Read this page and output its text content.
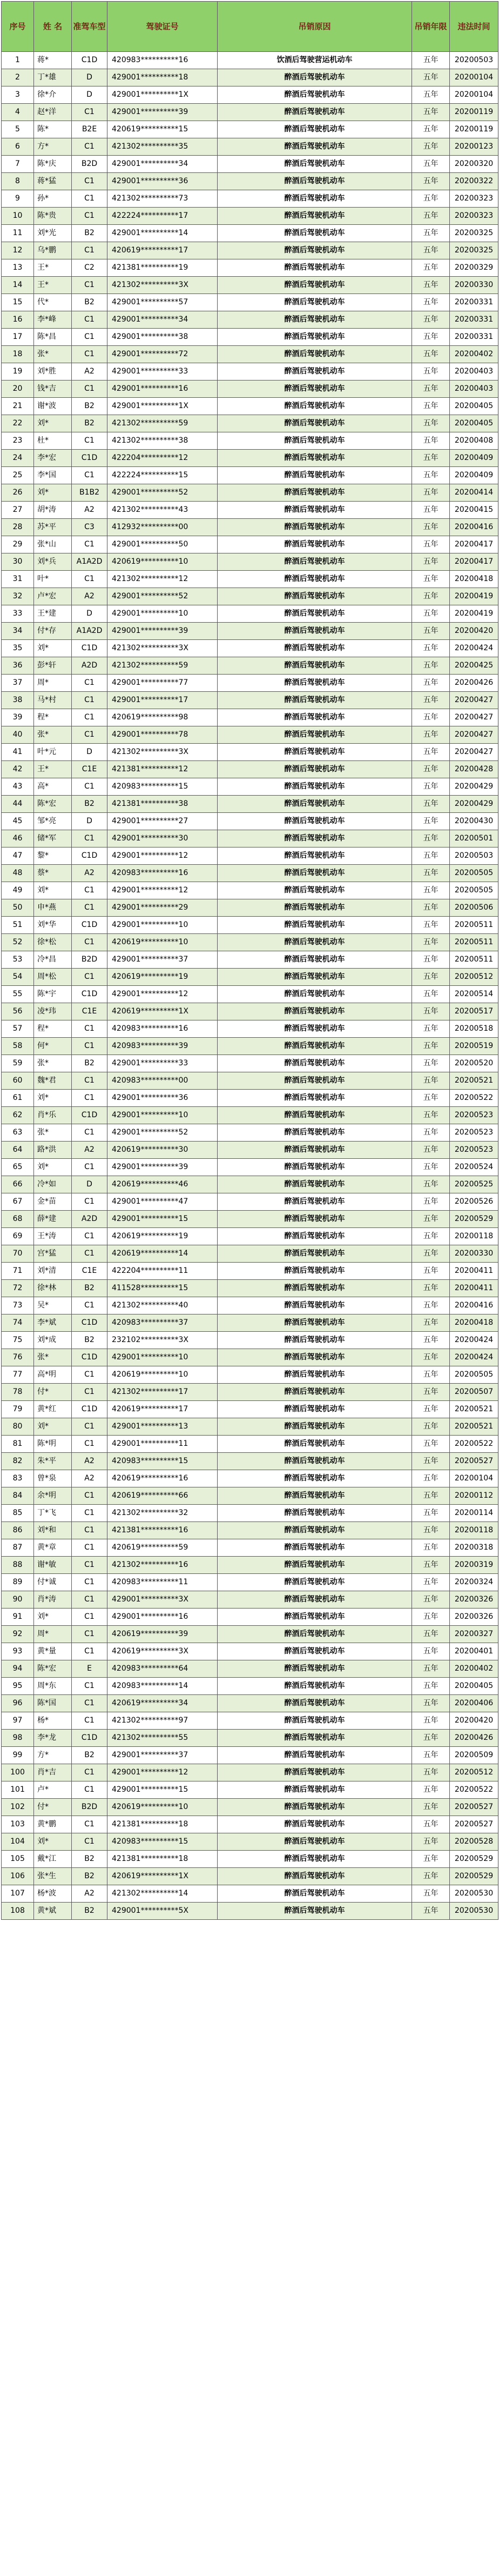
序号	姓 名	准驾车型	驾驶证号	吊销原因	吊销年限	违法时间
1	蒋*	C1D	420983**********16	饮酒后驾驶营运机动车	五年	20200503
2	丁*雄	D	429001**********18	醉酒后驾驶机动车	五年	20200104
3	徐*介	D	429001**********1X	醉酒后驾驶机动车	五年	20200104
4	赵*洋	C1	429001**********39	醉酒后驾驶机动车	五年	20200119
5	陈*	B2E	420619**********15	醉酒后驾驶机动车	五年	20200119
6	方*	C1	421302**********35	醉酒后驾驶机动车	五年	20200123
7	陈*庆	B2D	429001**********34	醉酒后驾驶机动车	五年	20200320
8	蒋*猛	C1	429001**********36	醉酒后驾驶机动车	五年	20200322
9	孙*	C1	421302**********73	醉酒后驾驶机动车	五年	20200323
10	陈*贵	C1	422224**********17	醉酒后驾驶机动车	五年	20200323
11	刘*光	B2	429001**********14	醉酒后驾驶机动车	五年	20200325
12	乌*鹏	C1	420619**********17	醉酒后驾驶机动车	五年	20200325
13	王*	C2	421381**********19	醉酒后驾驶机动车	五年	20200329
14	王*	C1	421302**********3X	醉酒后驾驶机动车	五年	20200330
15	代*	B2	429001**********57	醉酒后驾驶机动车	五年	20200331
16	李*峰	C1	429001**********34	醉酒后驾驶机动车	五年	20200331
17	陈*昌	C1	429001**********38	醉酒后驾驶机动车	五年	20200331
18	张*	C1	429001**********72	醉酒后驾驶机动车	五年	20200402
19	刘*胜	A2	429001**********33	醉酒后驾驶机动车	五年	20200403
20	钱*吉	C1	429001**********16	醉酒后驾驶机动车	五年	20200403
21	谢*波	B2	429001**********1X	醉酒后驾驶机动车	五年	20200405
22	刘*	B2	421302**********59	醉酒后驾驶机动车	五年	20200405
23	杜*	C1	421302**********38	醉酒后驾驶机动车	五年	20200408
24	李*宏	C1D	422204**********12	醉酒后驾驶机动车	五年	20200409
25	李*国	C1	422224**********15	醉酒后驾驶机动车	五年	20200409
26	刘*	B1B2	429001**********52	醉酒后驾驶机动车	五年	20200414
27	胡*涛	A2	421302**********43	醉酒后驾驶机动车	五年	20200415
28	苏*平	C3	412932**********00	醉酒后驾驶机动车	五年	20200416
29	张*山	C1	429001**********50	醉酒后驾驶机动车	五年	20200417
30	刘*兵	A1A2D	420619**********10	醉酒后驾驶机动车	五年	20200417
31	叶*	C1	421302**********12	醉酒后驾驶机动车	五年	20200418
32	卢*宏	A2	429001**********52	醉酒后驾驶机动车	五年	20200419
33	王*建	D	429001**********10	醉酒后驾驶机动车	五年	20200419
34	付*存	A1A2D	429001**********39	醉酒后驾驶机动车	五年	20200420
35	刘*	C1D	421302**********3X	醉酒后驾驶机动车	五年	20200424
36	彭*轩	A2D	421302**********59	醉酒后驾驶机动车	五年	20200425
37	周*	C1	429001**********77	醉酒后驾驶机动车	五年	20200426
38	马*村	C1	429001**********17	醉酒后驾驶机动车	五年	20200427
39	程*	C1	420619**********98	醉酒后驾驶机动车	五年	20200427
40	张*	C1	429001**********78	醉酒后驾驶机动车	五年	20200427
41	叶*元	D	421302**********3X	醉酒后驾驶机动车	五年	20200427
42	王*	C1E	421381**********12	醉酒后驾驶机动车	五年	20200428
43	高*	C1	420983**********15	醉酒后驾驶机动车	五年	20200429
44	陈*宏	B2	421381**********38	醉酒后驾驶机动车	五年	20200429
45	邹*亮	D	429001**********27	醉酒后驾驶机动车	五年	20200430
46	储*军	C1	429001**********30	醉酒后驾驶机动车	五年	20200501
47	黎*	C1D	429001**********12	醉酒后驾驶机动车	五年	20200503
48	蔡*	A2	420983**********16	醉酒后驾驶机动车	五年	20200505
49	刘*	C1	429001**********12	醉酒后驾驶机动车	五年	20200505
50	申*燕	C1	429001**********29	醉酒后驾驶机动车	五年	20200506
51	刘*华	C1D	429001**********10	醉酒后驾驶机动车	五年	20200511
52	徐*松	C1	420619**********10	醉酒后驾驶机动车	五年	20200511
53	冷*昌	B2D	429001**********37	醉酒后驾驶机动车	五年	20200511
54	周*松	C1	420619**********19	醉酒后驾驶机动车	五年	20200512
55	陈*宇	C1D	429001**********12	醉酒后驾驶机动车	五年	20200514
56	凌*玮	C1E	420619**********1X	醉酒后驾驶机动车	五年	20200517
57	程*	C1	420983**********16	醉酒后驾驶机动车	五年	20200518
58	何*	C1	420983**********39	醉酒后驾驶机动车	五年	20200519
59	张*	B2	429001**********33	醉酒后驾驶机动车	五年	20200520
60	魏*君	C1	420983**********00	醉酒后驾驶机动车	五年	20200521
61	刘*	C1	429001**********36	醉酒后驾驶机动车	五年	20200522
62	肖*乐	C1D	429001**********10	醉酒后驾驶机动车	五年	20200523
63	张*	C1	429001**********52	醉酒后驾驶机动车	五年	20200523
64	路*洪	A2	420619**********30	醉酒后驾驶机动车	五年	20200523
65	刘*	C1	429001**********39	醉酒后驾驶机动车	五年	20200524
66	冷*如	D	420619**********46	醉酒后驾驶机动车	五年	20200525
67	金*苗	C1	429001**********47	醉酒后驾驶机动车	五年	20200526
68	薛*建	A2D	429001**********15	醉酒后驾驶机动车	五年	20200529
69	王*涛	C1	420619**********19	醉酒后驾驶机动车	五年	20200118
70	宫*猛	C1	420619**********14	醉酒后驾驶机动车	五年	20200330
71	刘*清	C1E	422204**********11	醉酒后驾驶机动车	五年	20200411
72	徐*林	B2	411528**********15	醉酒后驾驶机动车	五年	20200411
73	吴*	C1	421302**********40	醉酒后驾驶机动车	五年	20200416
74	李*斌	C1D	420983**********37	醉酒后驾驶机动车	五年	20200418
75	刘*成	B2	232102**********3X	醉酒后驾驶机动车	五年	20200424
76	张*	C1D	429001**********10	醉酒后驾驶机动车	五年	20200424
77	高*明	C1	420619**********10	醉酒后驾驶机动车	五年	20200505
78	付*	C1	421302**********17	醉酒后驾驶机动车	五年	20200507
79	黄*红	C1D	420619**********17	醉酒后驾驶机动车	五年	20200521
80	刘*	C1	429001**********13	醉酒后驾驶机动车	五年	20200521
81	陈*明	C1	429001**********11	醉酒后驾驶机动车	五年	20200522
82	朱*平	A2	420983**********15	醉酒后驾驶机动车	五年	20200527
83	曾*泉	A2	420619**********16	醉酒后驾驶机动车	五年	20200104
84	余*明	C1	420619**********66	醉酒后驾驶机动车	五年	20200112
85	丁*飞	C1	421302**********32	醉酒后驾驶机动车	五年	20200114
86	刘*和	C1	421381**********16	醉酒后驾驶机动车	五年	20200118
87	黄*章	C1	420619**********59	醉酒后驾驶机动车	五年	20200318
88	谢*敏	C1	421302**********16	醉酒后驾驶机动车	五年	20200319
89	付*诚	C1	420983**********11	醉酒后驾驶机动车	五年	20200324
90	肖*涛	C1	429001**********3X	醉酒后驾驶机动车	五年	20200326
91	刘*	C1	429001**********16	醉酒后驾驶机动车	五年	20200326
92	周*	C1	420619**********39	醉酒后驾驶机动车	五年	20200327
93	黄*量	C1	420619**********3X	醉酒后驾驶机动车	五年	20200401
94	陈*宏	E	420983**********64	醉酒后驾驶机动车	五年	20200402
95	周*东	C1	420983**********14	醉酒后驾驶机动车	五年	20200405
96	陈*国	C1	420619**********34	醉酒后驾驶机动车	五年	20200406
97	杨*	C1	421302**********97	醉酒后驾驶机动车	五年	20200420
98	李*龙	C1D	421302**********55	醉酒后驾驶机动车	五年	20200426
99	方*	B2	429001**********37	醉酒后驾驶机动车	五年	20200509
100	肖*吉	C1	429001**********12	醉酒后驾驶机动车	五年	20200512
101	卢*	C1	429001**********15	醉酒后驾驶机动车	五年	20200522
102	付*	B2D	420619**********10	醉酒后驾驶机动车	五年	20200527
103	黄*鹏	C1	421381**********18	醉酒后驾驶机动车	五年	20200527
104	刘*	C1	420983**********15	醉酒后驾驶机动车	五年	20200528
105	戴*江	B2	421381**********18	醉酒后驾驶机动车	五年	20200529
106	张*生	B2	420619**********1X	醉酒后驾驶机动车	五年	20200529
107	杨*波	A2	421302**********14	醉酒后驾驶机动车	五年	20200530
108	黄*斌	B2	429001**********5X	醉酒后驾驶机动车	五年	20200530
